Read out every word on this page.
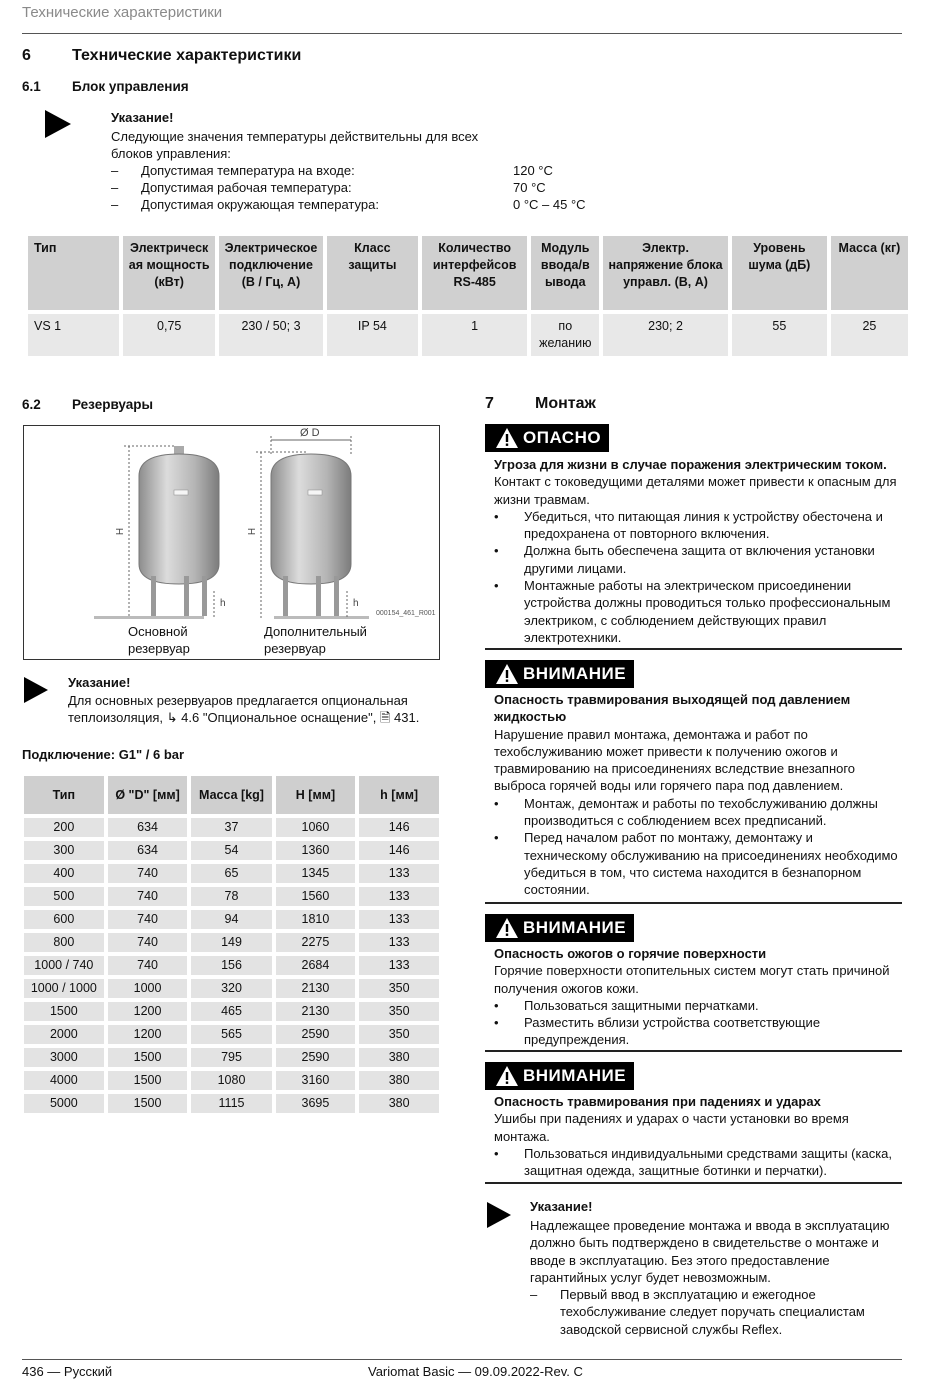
Технические характеристики
6	Технические характеристики
6.1 Блок управления
Указание!
Следующие значения температуры действительны для всех блоков управления:
– Допустимая температура на входе:	120 °C
– Допустимая рабочая температура:	70 °C
– Допустимая окружающая температура:	0 °C – 45 °C
Тип	Электрическ ая мощность (кВт)	Электрическое подключение (В / Гц, А)	Класс защиты	Количество интерфейсов RS-485	Модуль ввода/в ывода	Электр. напряжение блока управл. (В, А)	Уровень шума (дБ)	Масса (кг)
VS 1	0,75	230 / 50; 3	IP 54	1	по желанию	230; 2	55	25
6.2 Резервуары
Ø D
H	H
h	h
000154_461_R001
Основной резервуар
Дополнительный резервуар
Указание!
Для основных резервуаров предлагается опциональная теплоизоляция, ↳ 4.6 "Опциональное оснащение", 🗎 431.
Подключение: G1" / 6 bar
Тип	Ø "D" [мм]	Масса [kg]	H [мм]	h [мм]
200	634	37	1060	146
300	634	54	1360	146
400	740	65	1345	133
500	740	78	1560	133
600	740	94	1810	133
800	740	149	2275	133
1000 / 740	740	156	2684	133
1000 / 1000	1000	320	2130	350
1500	1200	465	2130	350
2000	1200	565	2590	350
3000	1500	795	2590	380
4000	1500	1080	3160	380
5000	1500	1115	3695	380
7	Монтаж
ОПАСНО
Угроза для жизни в случае поражения электрическим током.
Контакт с токоведущими деталями может привести к опасным для жизни травмам.
• Убедиться, что питающая линия к устройству обесточена и предохранена от повторного включения.
• Должна быть обеспечена защита от включения установки другими лицами.
• Монтажные работы на электрическом присоединении устройства должны проводиться только профессиональным электриком, с соблюдением действующих правил электротехники.
ВНИМАНИЕ
Опасность травмирования выходящей под давлением жидкостью
Нарушение правил монтажа, демонтажа и работ по техобслуживанию может привести к получению ожогов и травмированию на присоединениях вследствие внезапного выброса горячей воды или горячего пара под давлением.
• Монтаж, демонтаж и работы по техобслуживанию должны производиться с соблюдением всех предписаний.
• Перед началом работ по монтажу, демонтажу и техническому обслуживанию на присоединениях необходимо убедиться в том, что система находится в безнапорном состоянии.
ВНИМАНИЕ
Опасность ожогов о горячие поверхности
Горячие поверхности отопительных систем могут стать причиной получения ожогов кожи.
• Пользоваться защитными перчатками.
• Разместить вблизи устройства соответствующие предупреждения.
ВНИМАНИЕ
Опасность травмирования при падениях и ударах
Ушибы при падениях и ударах о части установки во время монтажа.
• Пользоваться индивидуальными средствами защиты (каска, защитная одежда, защитные ботинки и перчатки).
Указание!
Надлежащее проведение монтажа и ввода в эксплуатацию должно быть подтверждено в свидетельстве о монтаже и вводе в эксплуатацию. Без этого предоставление гарантийных услуг будет невозможным.
– Первый ввод в эксплуатацию и ежегодное техобслуживание следует поручать специалистам заводской сервисной службы Reflex.
436 — Русский	Variomat Basic — 09.09.2022-Rev. C
